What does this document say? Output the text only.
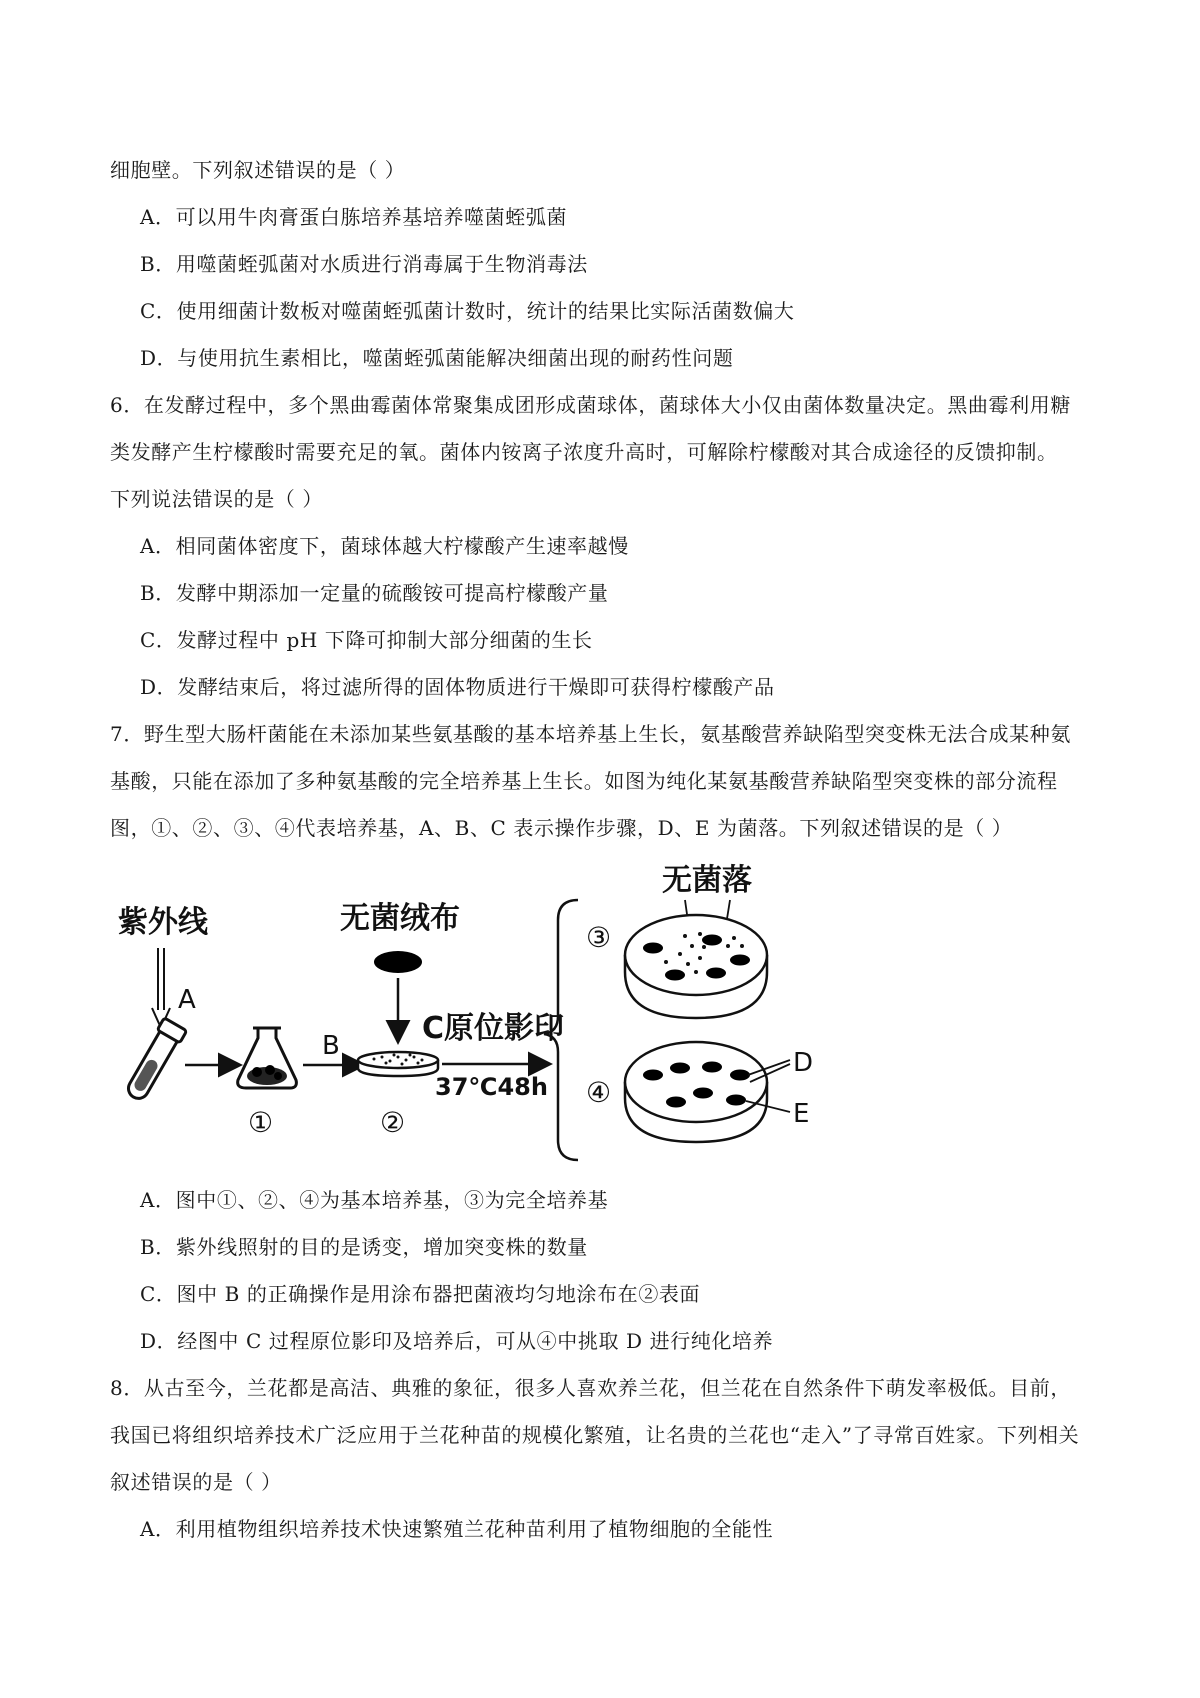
细胞壁。下列叙述错误的是（ ）
A．可以用牛肉膏蛋白胨培养基培养噬菌蛭弧菌
B．用噬菌蛭弧菌对水质进行消毒属于生物消毒法
C．使用细菌计数板对噬菌蛭弧菌计数时，统计的结果比实际活菌数偏大
D．与使用抗生素相比，噬菌蛭弧菌能解决细菌出现的耐药性问题
6．在发酵过程中，多个黑曲霉菌体常聚集成团形成菌球体，菌球体大小仅由菌体数量决定。黑曲霉利用糖
类发酵产生柠檬酸时需要充足的氧。菌体内铵离子浓度升高时，可解除柠檬酸对其合成途径的反馈抑制。
下列说法错误的是（ ）
A．相同菌体密度下，菌球体越大柠檬酸产生速率越慢
B．发酵中期添加一定量的硫酸铵可提高柠檬酸产量
C．发酵过程中 pH 下降可抑制大部分细菌的生长
D．发酵结束后，将过滤所得的固体物质进行干燥即可获得柠檬酸产品
7．野生型大肠杆菌能在未添加某些氨基酸的基本培养基上生长，氨基酸营养缺陷型突变株无法合成某种氨
基酸，只能在添加了多种氨基酸的完全培养基上生长。如图为纯化某氨基酸营养缺陷型突变株的部分流程
图，①、②、③、④代表培养基，A、B、C 表示操作步骤，D、E 为菌落。下列叙述错误的是（ ）
紫外线
A
①
B
无菌绒布
②
C原位影印
37℃48h
无菌落
③
④
D
E
A．图中①、②、④为基本培养基，③为完全培养基
B．紫外线照射的目的是诱变，增加突变株的数量
C．图中 B 的正确操作是用涂布器把菌液均匀地涂布在②表面
D．经图中 C 过程原位影印及培养后，可从④中挑取 D 进行纯化培养
8．从古至今，兰花都是高洁、典雅的象征，很多人喜欢养兰花，但兰花在自然条件下萌发率极低。目前，
我国已将组织培养技术广泛应用于兰花种苗的规模化繁殖，让名贵的兰花也“走入”了寻常百姓家。下列相关
叙述错误的是（ ）
A．利用植物组织培养技术快速繁殖兰花种苗利用了植物细胞的全能性
